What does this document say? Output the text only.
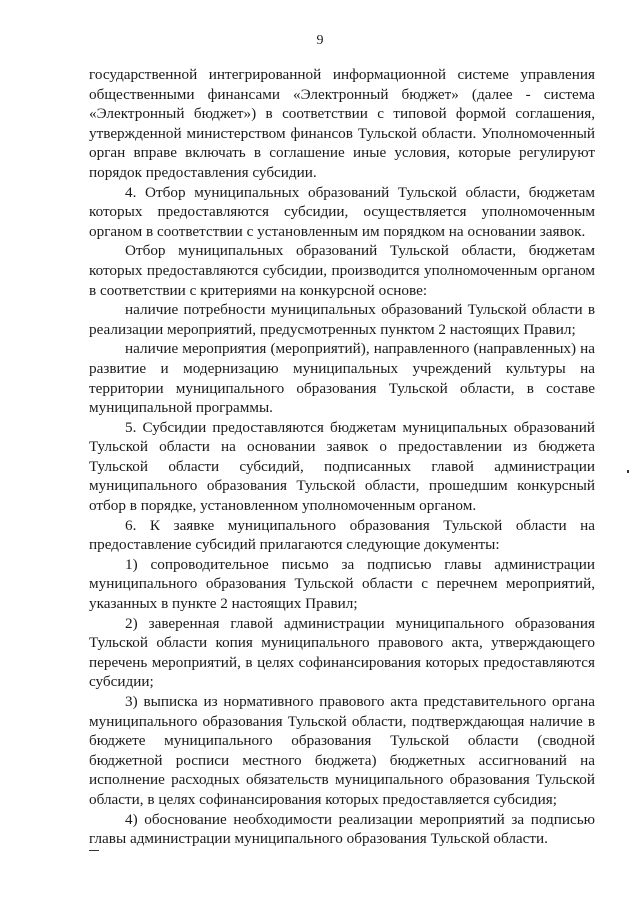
9

государственной интегрированной информационной системе управления общественными финансами «Электронный бюджет» (далее - система «Электронный бюджет») в соответствии с типовой формой соглашения, утвержденной министерством финансов Тульской области. Уполномоченный орган вправе включать в соглашение иные условия, которые регулируют порядок предоставления субсидии.

4. Отбор муниципальных образований Тульской области, бюджетам которых предоставляются субсидии, осуществляется уполномоченным органом в соответствии с установленным им порядком на основании заявок.

Отбор муниципальных образований Тульской области, бюджетам которых предоставляются субсидии, производится уполномоченным органом в соответствии с критериями на конкурсной основе:

наличие потребности муниципальных образований Тульской области в реализации мероприятий, предусмотренных пунктом 2 настоящих Правил;

наличие мероприятия (мероприятий), направленного (направленных) на развитие и модернизацию муниципальных учреждений культуры на территории муниципального образования Тульской области, в составе муниципальной программы.

5. Субсидии предоставляются бюджетам муниципальных образований Тульской области на основании заявок о предоставлении из бюджета Тульской области субсидий, подписанных главой администрации муниципального образования Тульской области, прошедшим конкурсный отбор в порядке, установленном уполномоченным органом.

6. К заявке муниципального образования Тульской области на предоставление субсидий прилагаются следующие документы:

1) сопроводительное письмо за подписью главы администрации муниципального образования Тульской области с перечнем мероприятий, указанных в пункте 2 настоящих Правил;

2) заверенная главой администрации муниципального образования Тульской области копия муниципального правового акта, утверждающего перечень мероприятий, в целях софинансирования которых предоставляются субсидии;

3) выписка из нормативного правового акта представительного органа муниципального образования Тульской области, подтверждающая наличие в бюджете муниципального образования Тульской области (сводной бюджетной росписи местного бюджета) бюджетных ассигнований на исполнение расходных обязательств муниципального образования Тульской области, в целях софинансирования которых предоставляется субсидия;

4) обоснование необходимости реализации мероприятий за подписью главы администрации муниципального образования Тульской области.
